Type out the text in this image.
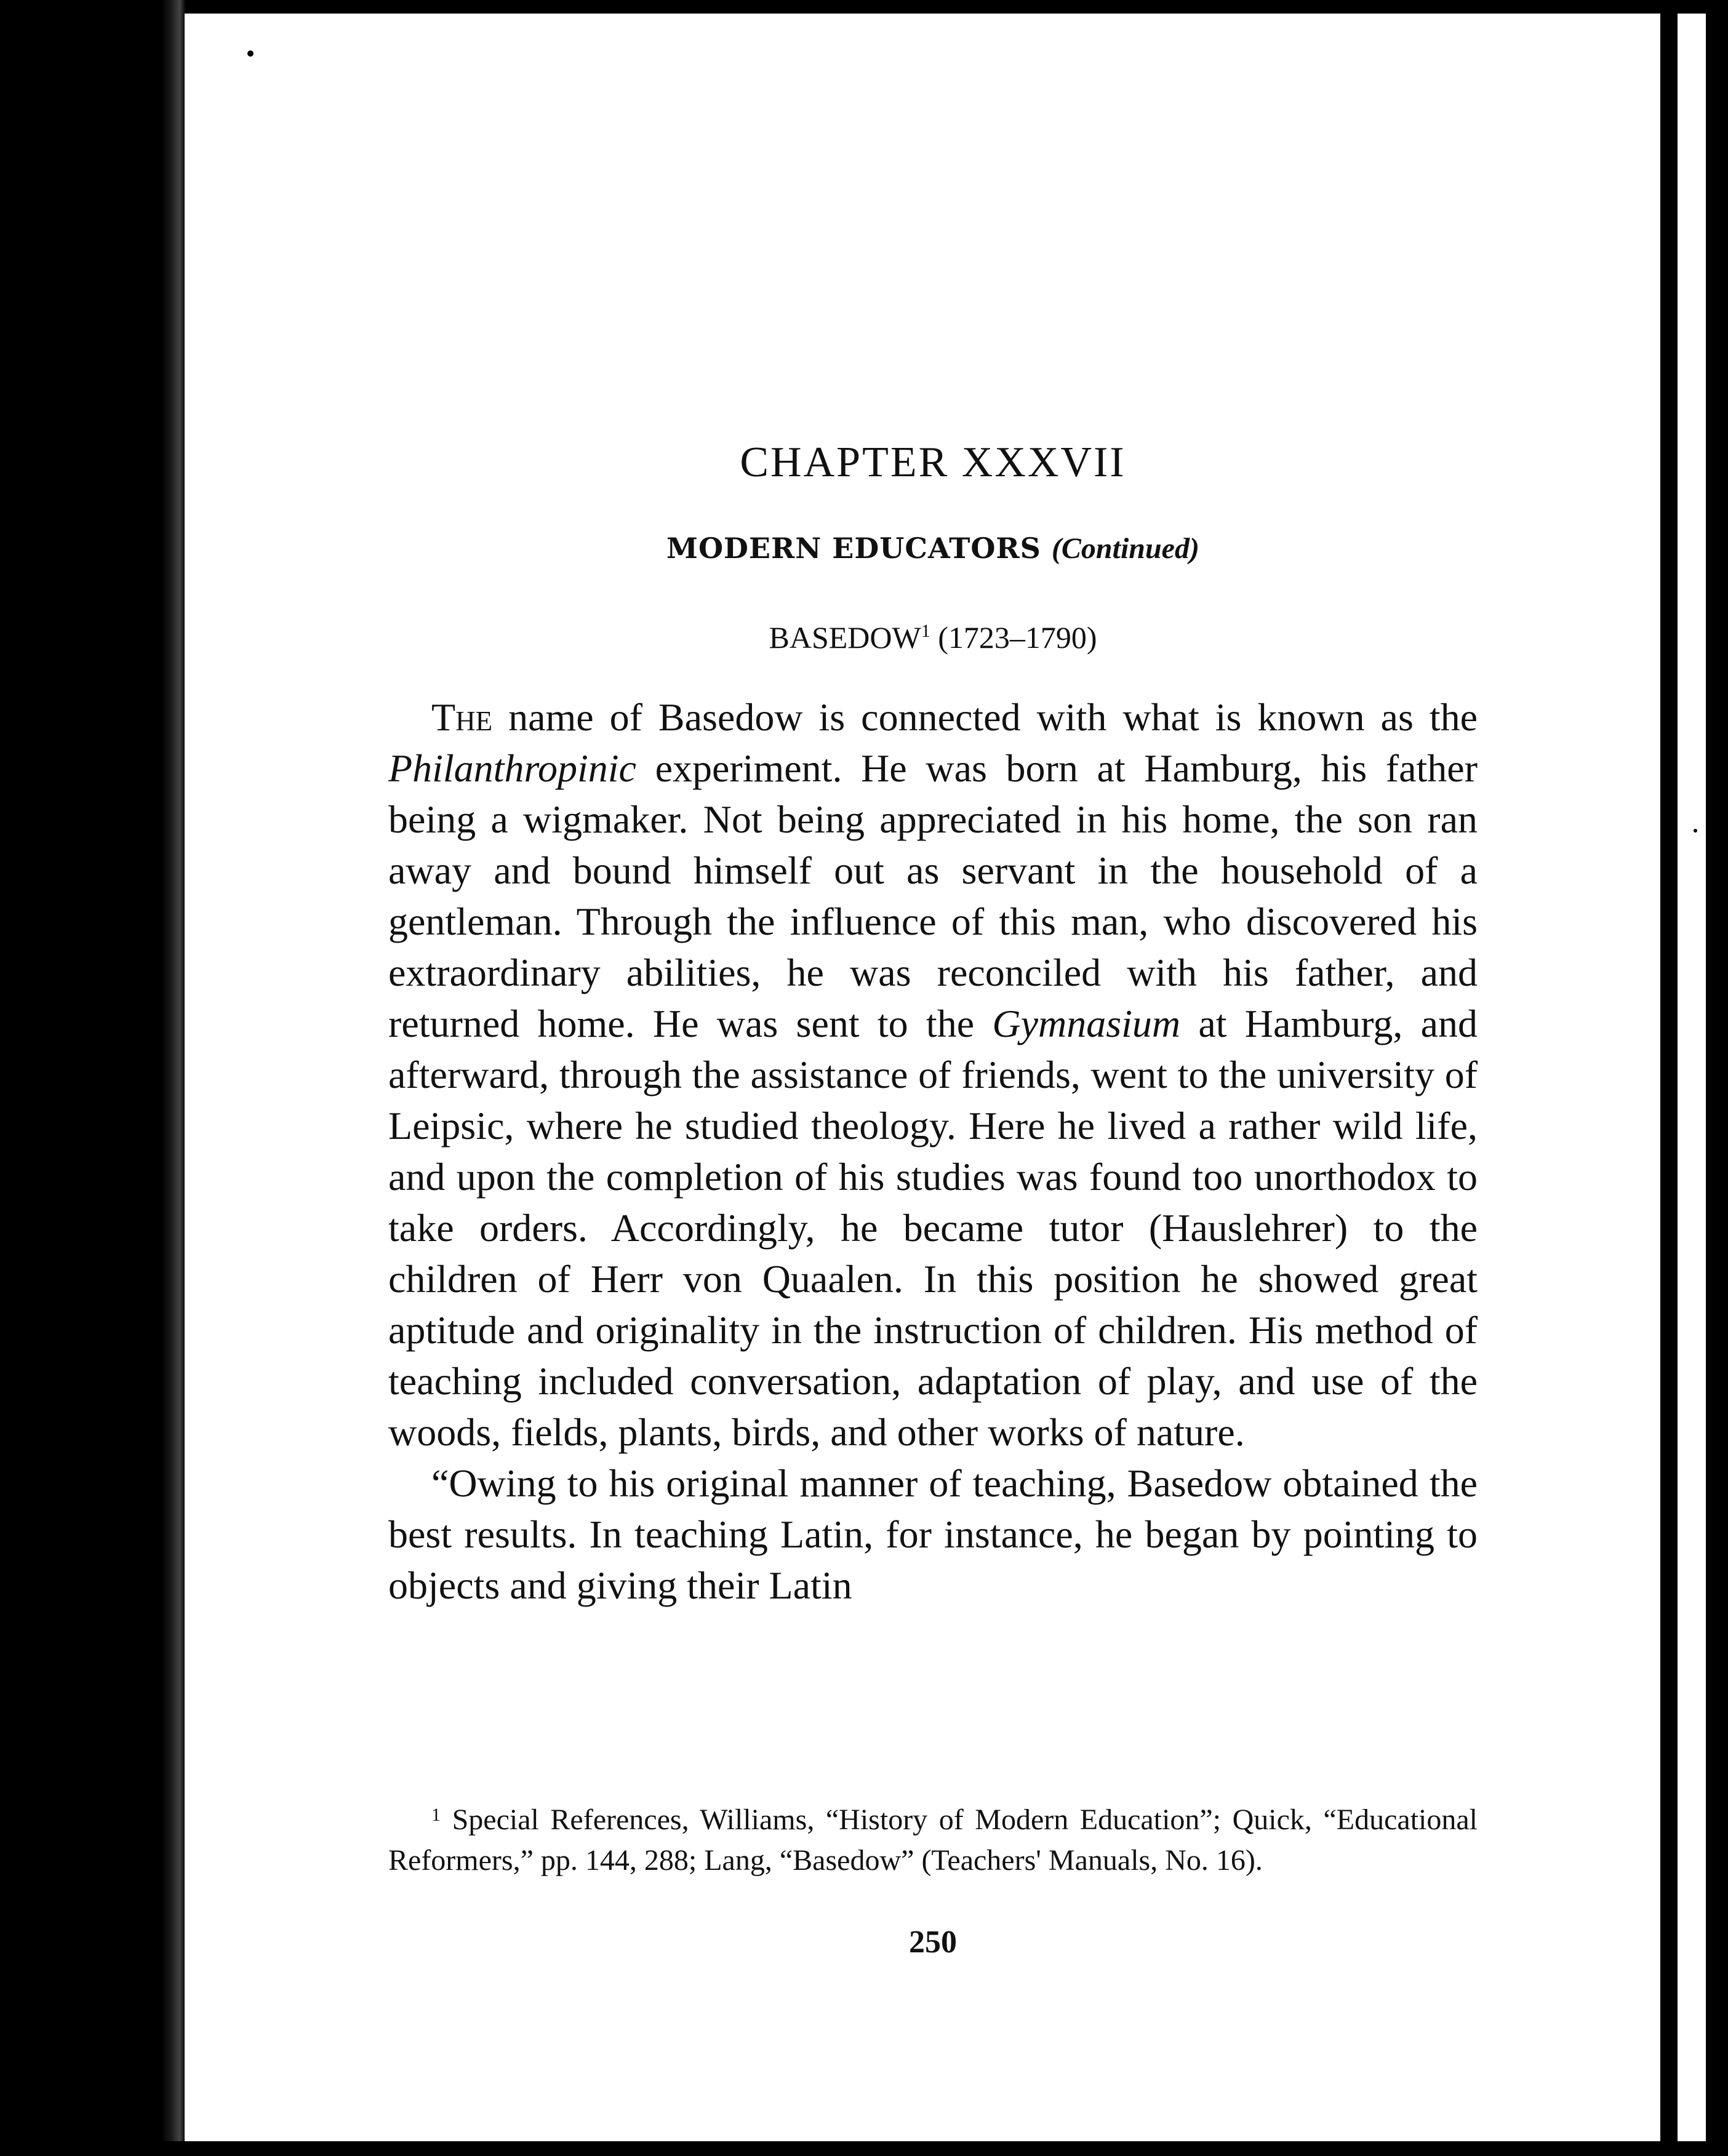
CHAPTER XXXVII
MODERN EDUCATORS (Continued)
BASEDOW$^1$ (1723–1790)

The name of Basedow is connected with what is known as the Philanthropinic experiment. He was born at Hamburg, his father being a wigmaker. Not being appreciated in his home, the son ran away and bound himself out as servant in the household of a gentleman. Through the influence of this man, who discovered his extraordinary abilities, he was reconciled with his father, and returned home. He was sent to the Gymnasium at Hamburg, and afterward, through the assistance of friends, went to the university of Leipsic, where he studied theology. Here he lived a rather wild life, and upon the completion of his studies was found too unorthodox to take orders. Accordingly, he became tutor (Hauslehrer) to the children of Herr von Quaalen. In this position he showed great aptitude and originality in the instruction of children. His method of teaching included conversation, adaptation of play, and use of the woods, fields, plants, birds, and other works of nature.

“Owing to his original manner of teaching, Basedow obtained the best results. In teaching Latin, for instance, he began by pointing to objects and giving their Latin

$^1$ Special References, Williams, “History of Modern Education”; Quick, “Educational Reformers,” pp. 144, 288; Lang, “Basedow” (Teachers' Manuals, No. 16).

250
